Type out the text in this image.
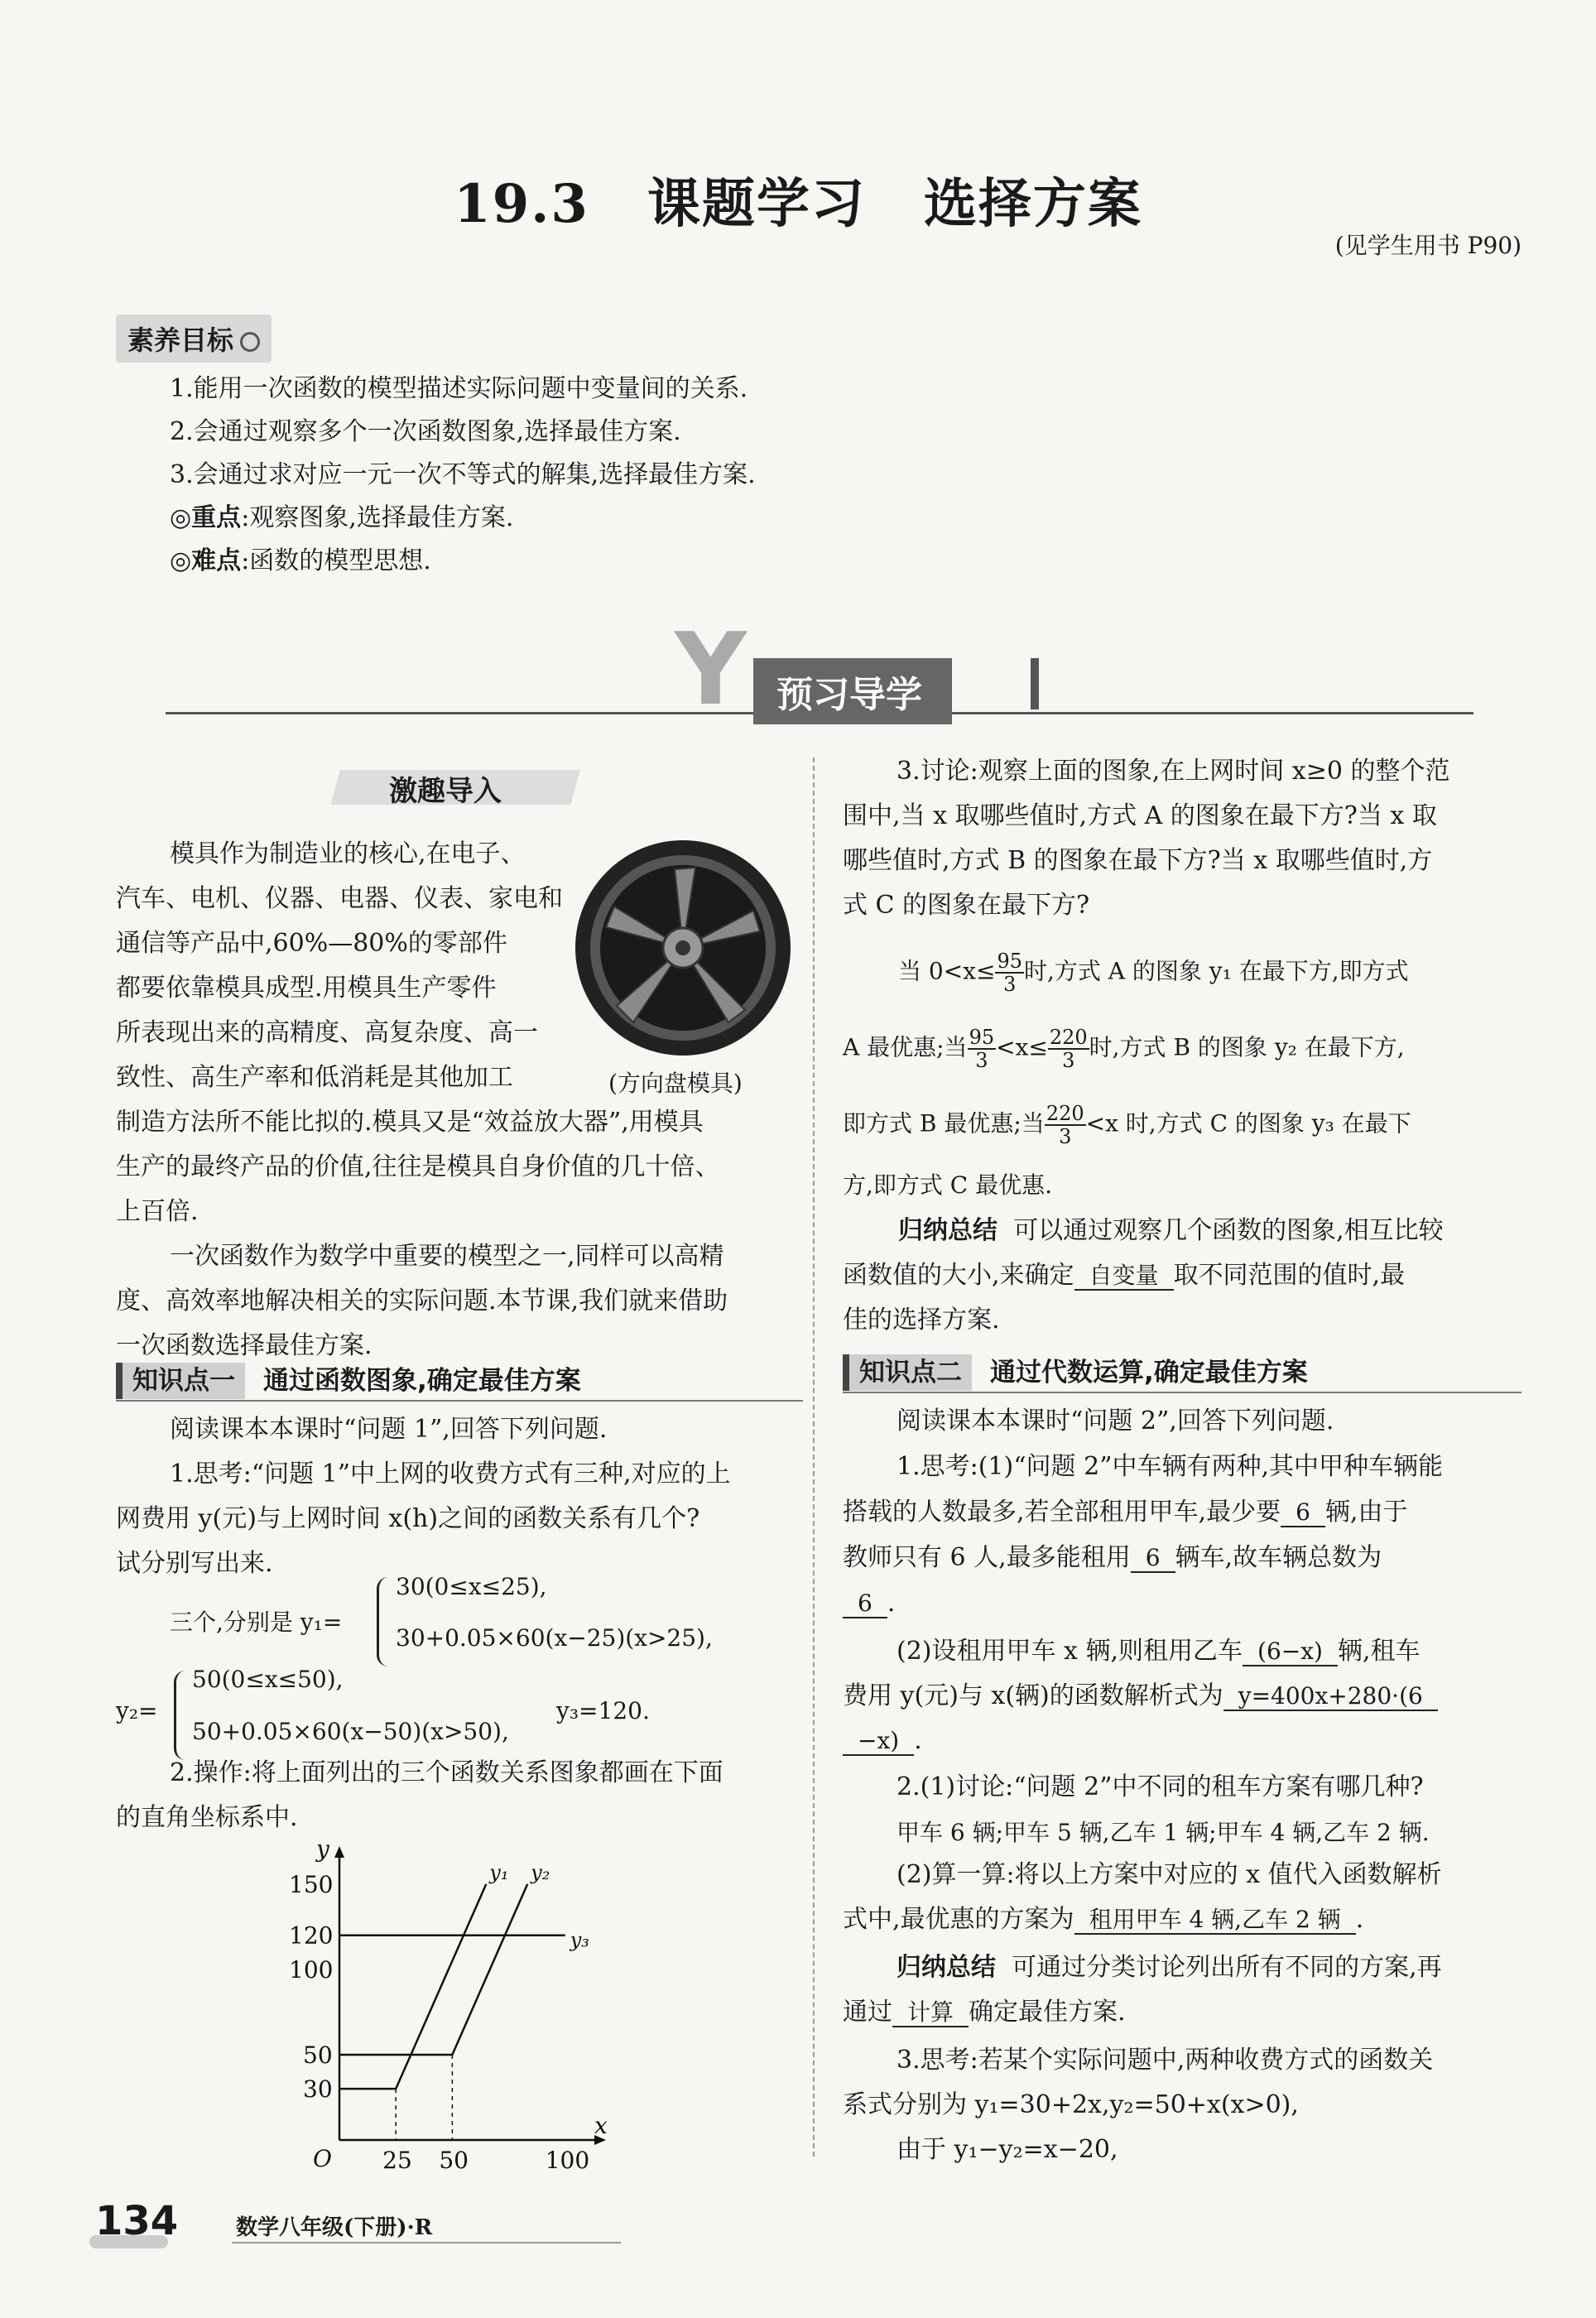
19.3 课题学习 选择方案
(见学生用书 P90)
素养目标
1.能用一次函数的模型描述实际问题中变量间的关系.
2.会通过观察多个一次函数图象,选择最佳方案.
3.会通过求对应一元一次不等式的解集,选择最佳方案.
◎重点:观察图象,选择最佳方案.
◎难点:函数的模型思想.
Y 预习导学
激趣导入
模具作为制造业的核心,在电子、
汽车、电机、仪器、电器、仪表、家电和
通信等产品中,60%—80%的零部件
都要依靠模具成型.用模具生产零件
所表现出来的高精度、高复杂度、高一
致性、高生产率和低消耗是其他加工
制造方法所不能比拟的.模具又是“效益放大器”,用模具
生产的最终产品的价值,往往是模具自身价值的几十倍、
上百倍.
一次函数作为数学中重要的模型之一,同样可以高精
度、高效率地解决相关的实际问题.本节课,我们就来借助
一次函数选择最佳方案.
(方向盘模具)
知识点一 通过函数图象,确定最佳方案
阅读课本本课时“问题 1”,回答下列问题.
1.思考:“问题 1”中上网的收费方式有三种,对应的上
网费用 y(元)与上网时间 x(h)之间的函数关系有几个?
试分别写出来.
三个,分别是 y₁=
30(0≤x≤25),
30+0.05×60(x−25)(x>25),
y₂=
50(0≤x≤50),
50+0.05×60(x−50)(x>50),
y₃=120.
2.操作:将上面列出的三个函数关系图象都画在下面
的直角坐标系中.
x
y
O 25 50	100
30
50
100
120
150	y₁ y₂
y₃
3.讨论:观察上面的图象,在上网时间 x≥0 的整个范
围中,当 x 取哪些值时,方式 A 的图象在最下方?当 x 取
哪些值时,方式 B 的图象在最下方?当 x 取哪些值时,方
式 C 的图象在最下方?
当 $0<x\le \frac{95}{3}$ 时,方式 A 的图象 y₁ 在最下方,即方式
A 最优惠;当 $\frac{95}{3} <x\le \frac{220}{3}$ 时,方式 B 的图象 y₂ 在最下方,
即方式 B 最优惠;当 $\frac{220}{3} <x$ 时,方式 C 的图象 y₃ 在最下
方,即方式 C 最优惠.
归纳总结 可以通过观察几个函数的图象,相互比较
函数值的大小,来确定 自变量 取不同范围的值时,最
佳的选择方案.
知识点二 通过代数运算,确定最佳方案
阅读课本本课时“问题 2”,回答下列问题.
1.思考:(1)“问题 2”中车辆有两种,其中甲种车辆能
搭载的人数最多,若全部租用甲车,最少要 6 辆,由于
教师只有 6 人,最多能租用 6 辆车,故车辆总数为
6 .
(2)设租用甲车 x 辆,则租用乙车 (6−x) 辆,租车
费用 y(元)与 x(辆)的函数解析式为 y=400x+280·(6
−x) .
2.(1)讨论:“问题 2”中不同的租车方案有哪几种?
甲车 6 辆;甲车 5 辆,乙车 1 辆;甲车 4 辆,乙车 2 辆.
(2)算一算:将以上方案中对应的 x 值代入函数解析
式中,最优惠的方案为 租用甲车 4 辆,乙车 2 辆 .
归纳总结 可通过分类讨论列出所有不同的方案,再
通过 计算 确定最佳方案.
3.思考:若某个实际问题中,两种收费方式的函数关
系式分别为 y₁=30+2x,y₂=50+x(x>0),
由于 y₁−y₂=x−20,
134	数学八年级(下册)·R
